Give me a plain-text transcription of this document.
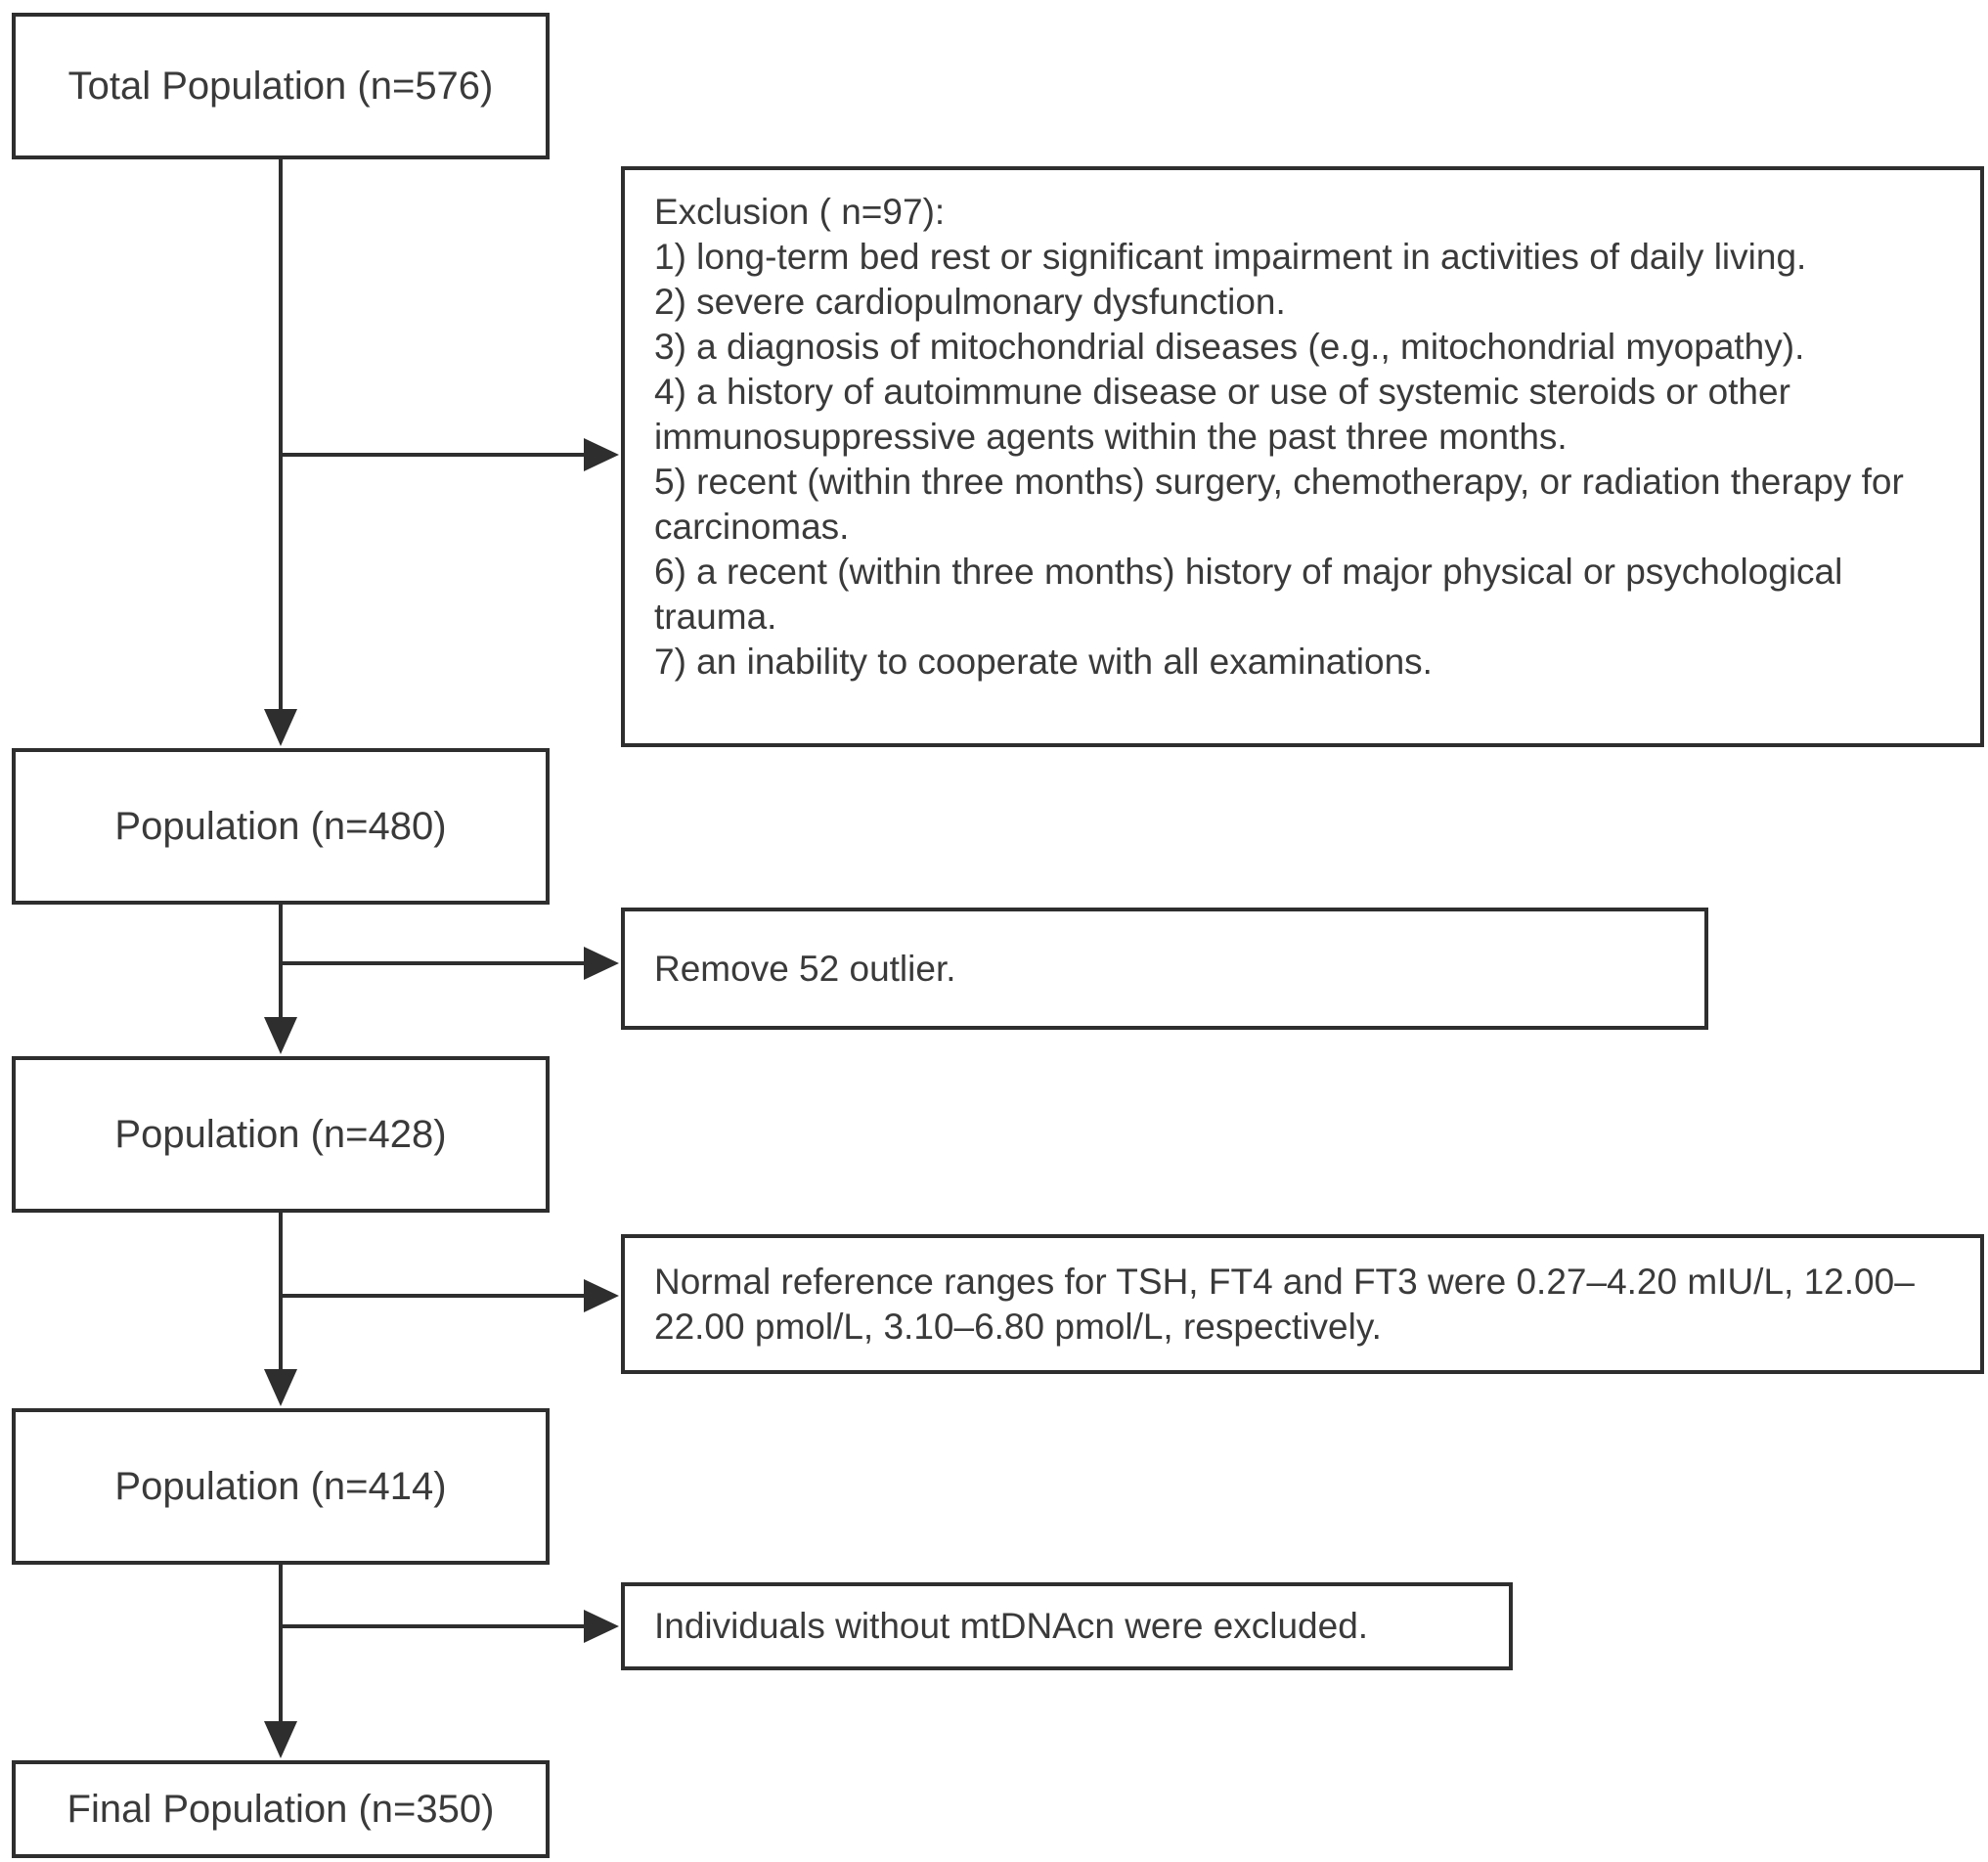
Total Population (n=576)
Population (n=480)
Population (n=428)
Population (n=414)
Final Population (n=350)
Exclusion ( n=97):
1) long-term bed rest or significant impairment in activities of daily living.
2) severe cardiopulmonary dysfunction.
3) a diagnosis of mitochondrial diseases (e.g., mitochondrial myopathy).
4) a history of autoimmune disease or use of systemic steroids or other immunosuppressive agents within the past three months.
5) recent (within three months) surgery, chemotherapy, or radiation therapy for carcinomas.
6) a recent (within three months) history of major physical or psychological trauma.
7) an inability to cooperate with all examinations.
Remove 52 outlier.
Normal reference ranges for TSH, FT4 and FT3 were 0.27–4.20 mIU/L, 12.00–22.00 pmol/L, 3.10–6.80 pmol/L, respectively.
Individuals without mtDNAcn were excluded.
